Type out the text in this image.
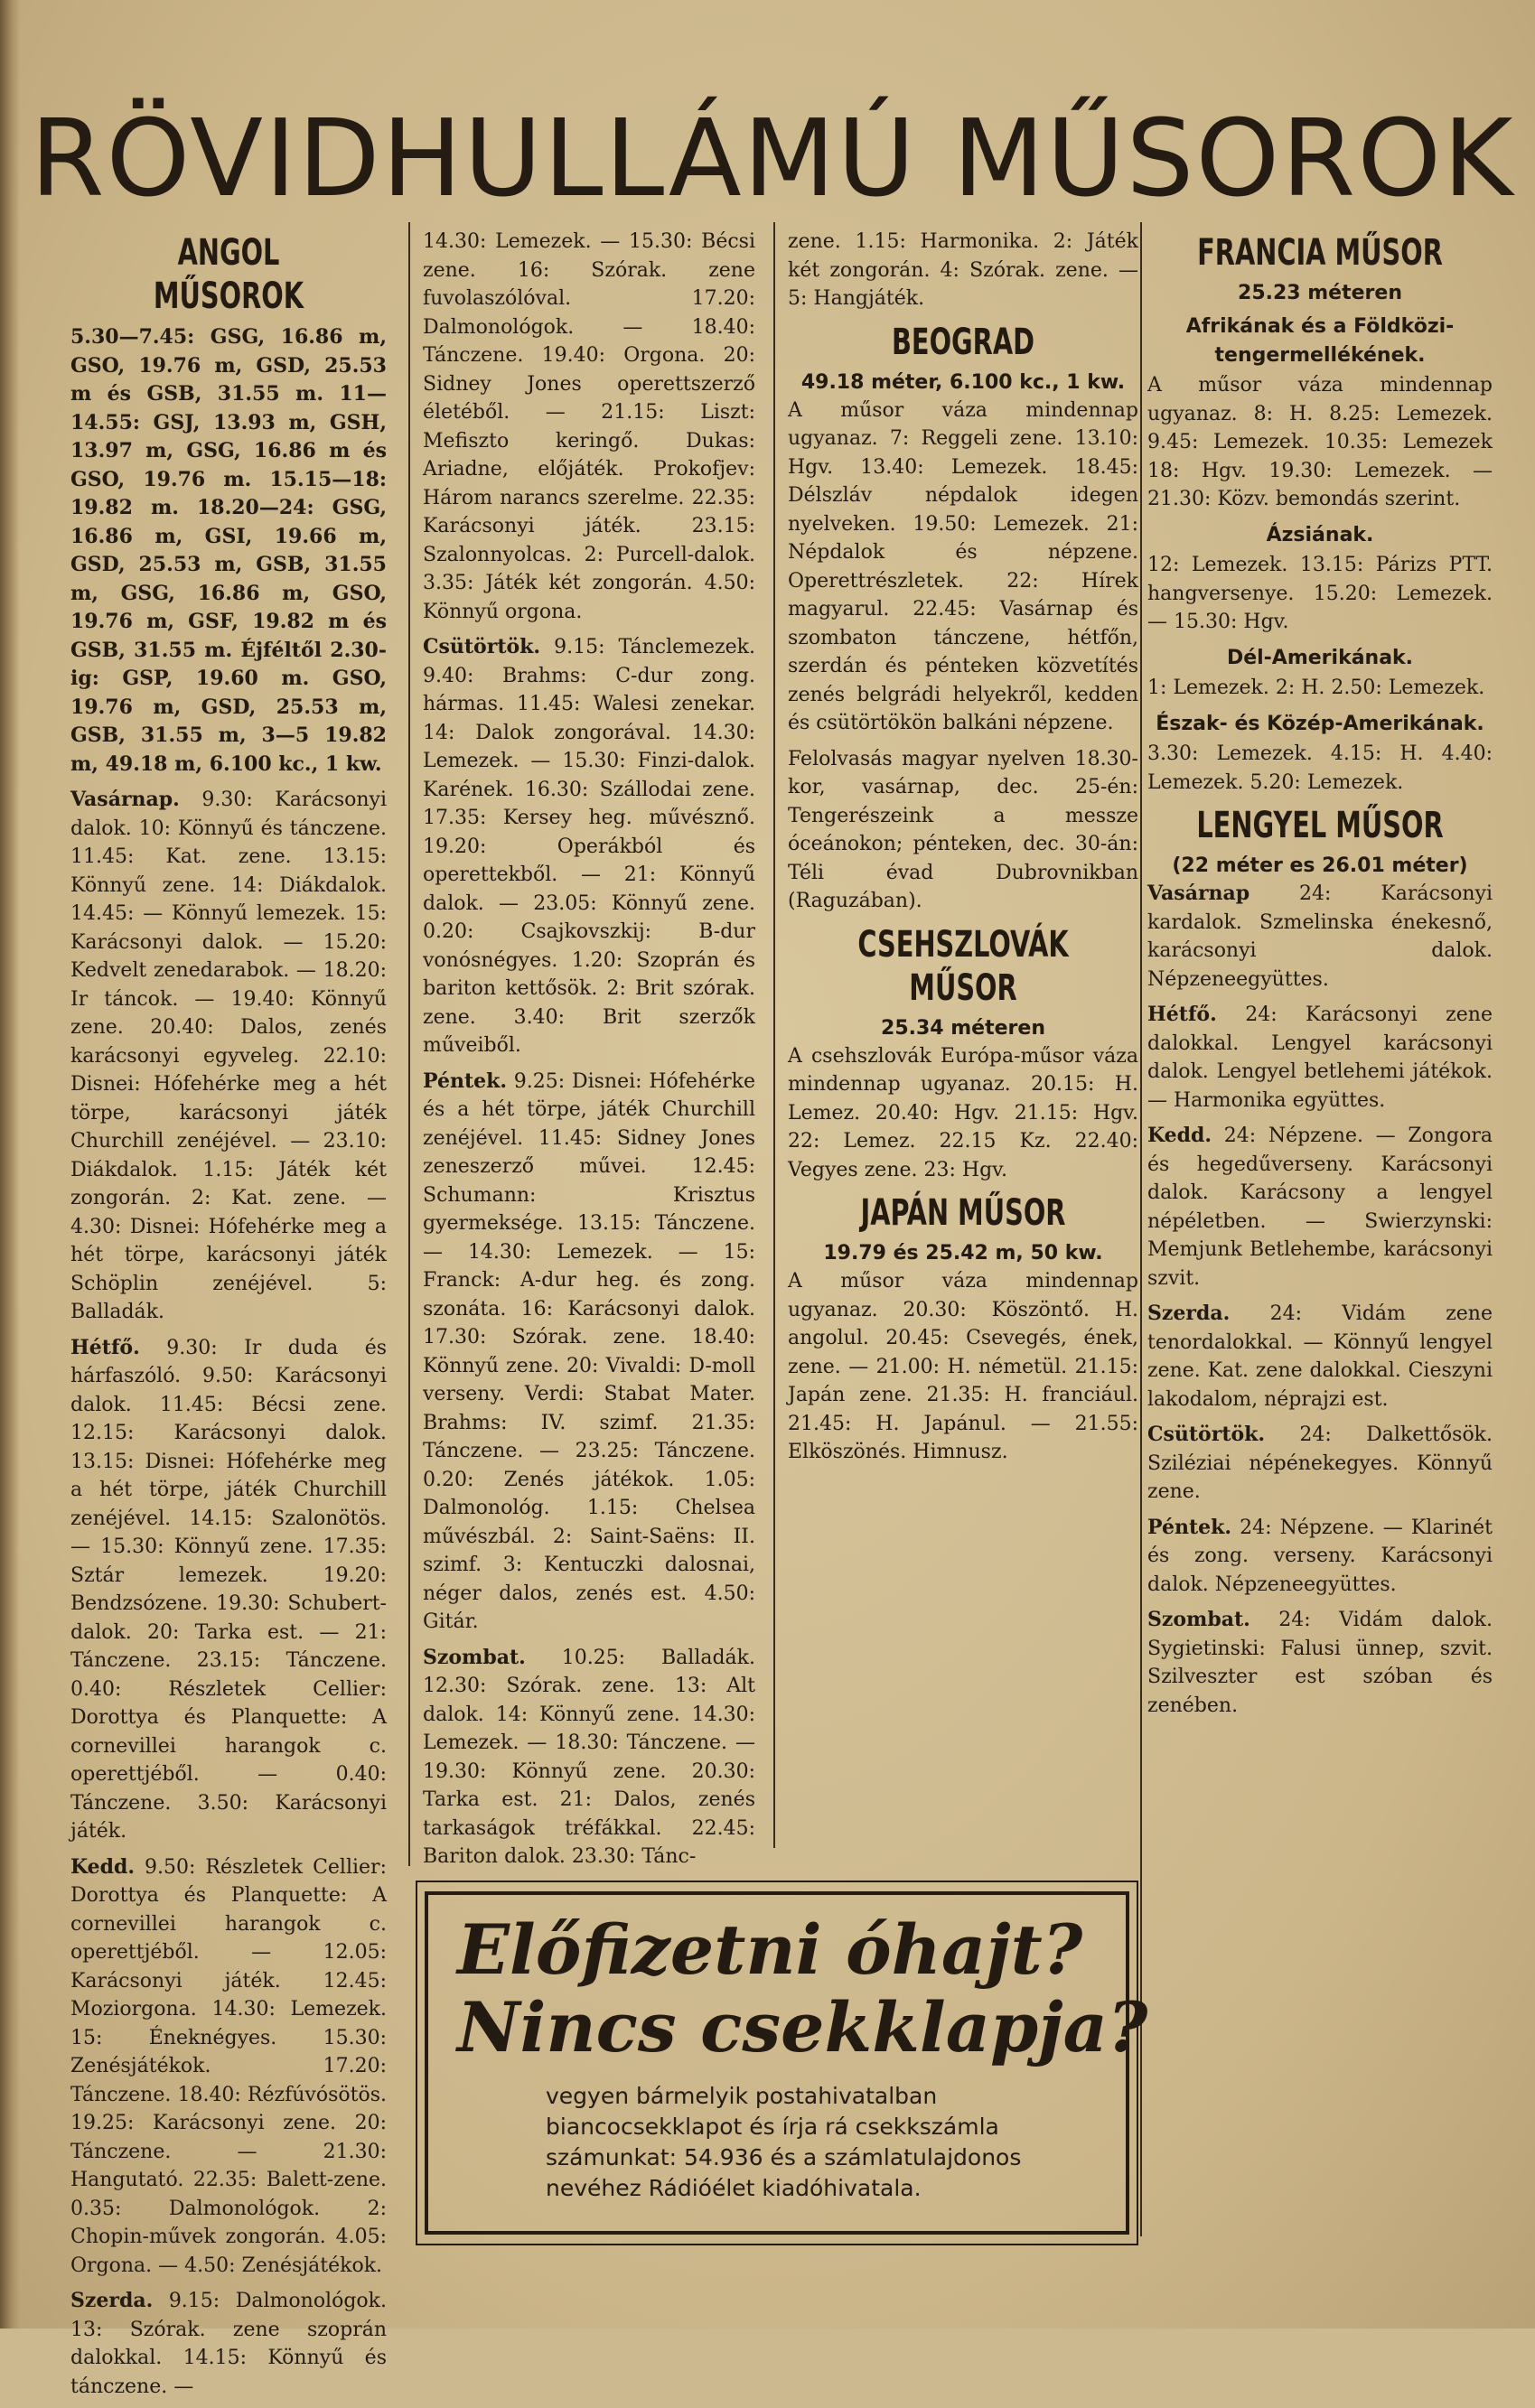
RÖVIDHULLÁMÚ MŰSOROK
ANGOL MŰSOROK

5.30—7.45: GSG, 16.86 m, GSO, 19.76 m, GSD, 25.53 m és GSB, 31.55 m. 11—14.55: GSJ, 13.93 m, GSH, 13.97 m, GSG, 16.86 m és GSO, 19.76 m. 15.15—18: 19.82 m. 18.20—24: GSG, 16.86 m, GSI, 19.66 m, GSD, 25.53 m, GSB, 31.55 m, GSG, 16.86 m, GSO, 19.76 m, GSF, 19.82 m és GSB, 31.55 m. Éjféltől 2.30-ig: GSP, 19.60 m. GSO, 19.76 m, GSD, 25.53 m, GSB, 31.55 m, 3—5 19.82 m, 49.18 m, 6.100 kc., 1 kw.

Vasárnap. 9.30: Karácsonyi dalok. 10: Könnyű és tánczene. 11.45: Kat. zene. 13.15: Könnyű zene. 14: Diákdalok. 14.45: — Könnyű lemezek. 15: Karácsonyi dalok. — 15.20: Kedvelt zenedarabok. — 18.20: Ir táncok. — 19.40: Könnyű zene. 20.40: Dalos, zenés karácsonyi egyveleg. 22.10: Disnei: Hófehérke meg a hét törpe, karácsonyi játék Churchill zenéjével. — 23.10: Diákdalok. 1.15: Játék két zongorán. 2: Kat. zene. — 4.30: Disnei: Hófehérke meg a hét törpe, karácsonyi játék Schöplin zenéjével. 5: Balladák.

Hétfő. 9.30: Ir duda és hárfaszóló. 9.50: Karácsonyi dalok. 11.45: Bécsi zene. 12.15: Karácsonyi dalok. 13.15: Disnei: Hófehérke meg a hét törpe, játék Churchill zenéjével. 14.15: Szalonötös. — 15.30: Könnyű zene. 17.35: Sztár lemezek. 19.20: Bendzsózene. 19.30: Schubert-dalok. 20: Tarka est. — 21: Tánczene. 23.15: Tánczene. 0.40: Részletek Cellier: Dorottya és Planquette: A cornevillei harangok c. operettjéből. — 0.40: Tánczene. 3.50: Karácsonyi játék.

Kedd. 9.50: Részletek Cellier: Dorottya és Planquette: A cornevillei harangok c. operettjéből. — 12.05: Karácsonyi játék. 12.45: Moziorgona. 14.30: Lemezek. 15: Éneknégyes. 15.30: Zenésjátékok. 17.20: Tánczene. 18.40: Rézfúvósötös. 19.25: Karácsonyi zene. 20: Tánczene. — 21.30: Hangutató. 22.35: Balett-zene. 0.35: Dalmonológok. 2: Chopin-művek zongorán. 4.05: Orgona. — 4.50: Zenésjátékok.

Szerda. 9.15: Dalmonológok. 13: Szórak. zene szoprán dalokkal. 14.15: Könnyű és tánczene. —

14.30: Lemezek. — 15.30: Bécsi zene. 16: Szórak. zene fuvolaszólóval. 17.20: Dalmonológok. — 18.40: Tánczene. 19.40: Orgona. 20: Sidney Jones operettszerző életéből. — 21.15: Liszt: Mefiszto keringő. Dukas: Ariadne, előjáték. Prokofjev: Három narancs szerelme. 22.35: Karácsonyi játék. 23.15: Szalonnyolcas. 2: Purcell-dalok. 3.35: Játék két zongorán. 4.50: Könnyű orgona.

Csütörtök. 9.15: Tánclemezek. 9.40: Brahms: C-dur zong. hármas. 11.45: Walesi zenekar. 14: Dalok zongorával. 14.30: Lemezek. — 15.30: Finzi-dalok. Karének. 16.30: Szállodai zene. 17.35: Kersey heg. művésznő. 19.20: Operákból és operettekből. — 21: Könnyű dalok. — 23.05: Könnyű zene. 0.20: Csajkovszkij: B-dur vonósnégyes. 1.20: Szoprán és bariton kettősök. 2: Brit szórak. zene. 3.40: Brit szerzők műveiből.

Péntek. 9.25: Disnei: Hófehérke és a hét törpe, játék Churchill zenéjével. 11.45: Sidney Jones zeneszerző művei. 12.45: Schumann: Krisztus gyermeksége. 13.15: Tánczene. — 14.30: Lemezek. — 15: Franck: A-dur heg. és zong. szonáta. 16: Karácsonyi dalok. 17.30: Szórak. zene. 18.40: Könnyű zene. 20: Vivaldi: D-moll verseny. Verdi: Stabat Mater. Brahms: IV. szimf. 21.35: Tánczene. — 23.25: Tánczene. 0.20: Zenés játékok. 1.05: Dalmonológ. 1.15: Chelsea művészbál. 2: Saint-Saëns: II. szimf. 3: Kentuczki dalosnai, néger dalos, zenés est. 4.50: Gitár.

Szombat. 10.25: Balladák. 12.30: Szórak. zene. 13: Alt dalok. 14: Könnyű zene. 14.30: Lemezek. — 18.30: Tánczene. — 19.30: Könnyű zene. 20.30: Tarka est. 21: Dalos, zenés tarkaságok tréfákkal. 22.45: Bariton dalok. 23.30: Tánc-

zene. 1.15: Harmonika. 2: Játék két zongorán. 4: Szórak. zene. — 5: Hangjáték.

BEOGRAD
49.18 méter, 6.100 kc., 1 kw.

A műsor váza mindennap ugyanaz. 7: Reggeli zene. 13.10: Hgv. 13.40: Lemezek. 18.45: Délszláv népdalok idegen nyelveken. 19.50: Lemezek. 21: Népdalok és népzene. Operettrészletek. 22: Hírek magyarul. 22.45: Vasárnap és szombaton tánczene, hétfőn, szerdán és pénteken közvetítés zenés belgrádi helyekről, kedden és csütörtökön balkáni népzene.

Felolvasás magyar nyelven 18.30-kor, vasárnap, dec. 25-én: Tengerészeink a messze óceánokon; pénteken, dec. 30-án: Téli évad Dubrovnikban (Raguzában).

CSEHSZLOVÁK MŰSOR
25.34 méteren

A csehszlovák Európa-műsor váza mindennap ugyanaz. 20.15: H. Lemez. 20.40: Hgv. 21.15: Hgv. 22: Lemez. 22.15 Kz. 22.40: Vegyes zene. 23: Hgv.

JAPÁN MŰSOR
19.79 és 25.42 m, 50 kw.

A műsor váza mindennap ugyanaz. 20.30: Köszöntő. H. angolul. 20.45: Csevegés, ének, zene. — 21.00: H. németül. 21.15: Japán zene. 21.35: H. franciául. 21.45: H. Japánul. — 21.55: Elköszönés. Himnusz.

FRANCIA MŰSOR
25.23 méteren
Afrikának és a Földközi-tengermellékének.

A műsor váza mindennap ugyanaz. 8: H. 8.25: Lemezek. 9.45: Lemezek. 10.35: Lemezek 18: Hgv. 19.30: Lemezek. — 21.30: Közv. bemondás szerint.

Ázsiának.

12: Lemezek. 13.15: Párizs PTT. hangversenye. 15.20: Lemezek. — 15.30: Hgv.

Dél-Amerikának.

1: Lemezek. 2: H. 2.50: Lemezek.

Észak- és Közép-Amerikának.

3.30: Lemezek. 4.15: H. 4.40: Lemezek. 5.20: Lemezek.

LENGYEL MŰSOR
(22 méter es 26.01 méter)

Vasárnap 24: Karácsonyi kardalok. Szmelinska énekesnő, karácsonyi dalok. Népzeneegyüttes.

Hétfő. 24: Karácsonyi zene dalokkal. Lengyel karácsonyi dalok. Lengyel betlehemi játékok. — Harmonika együttes.

Kedd. 24: Népzene. — Zongora és hegedűverseny. Karácsonyi dalok. Karácsony a lengyel népéletben. — Swierzynski: Memjunk Betlehembe, karácsonyi szvit.

Szerda. 24: Vidám zene tenordalokkal. — Könnyű lengyel zene. Kat. zene dalokkal. Cieszyni lakodalom, néprajzi est.

Csütörtök. 24: Dalkettősök. Sziléziai népénekegyes. Könnyű zene.

Péntek. 24: Népzene. — Klarinét és zong. verseny. Karácsonyi dalok. Népzeneegyüttes.

Szombat. 24: Vidám dalok. Sygietinski: Falusi ünnep, szvit. Szilveszter est szóban és zenében.

Előfizetni óhajt?
Nincs csekklapja?
vegyen bármelyik postahivatalban biancocsekklapot és írja rá csekkszámla számunkat: 54.936 és a számlatulajdonos nevéhez Rádióélet kiadóhivatala.
